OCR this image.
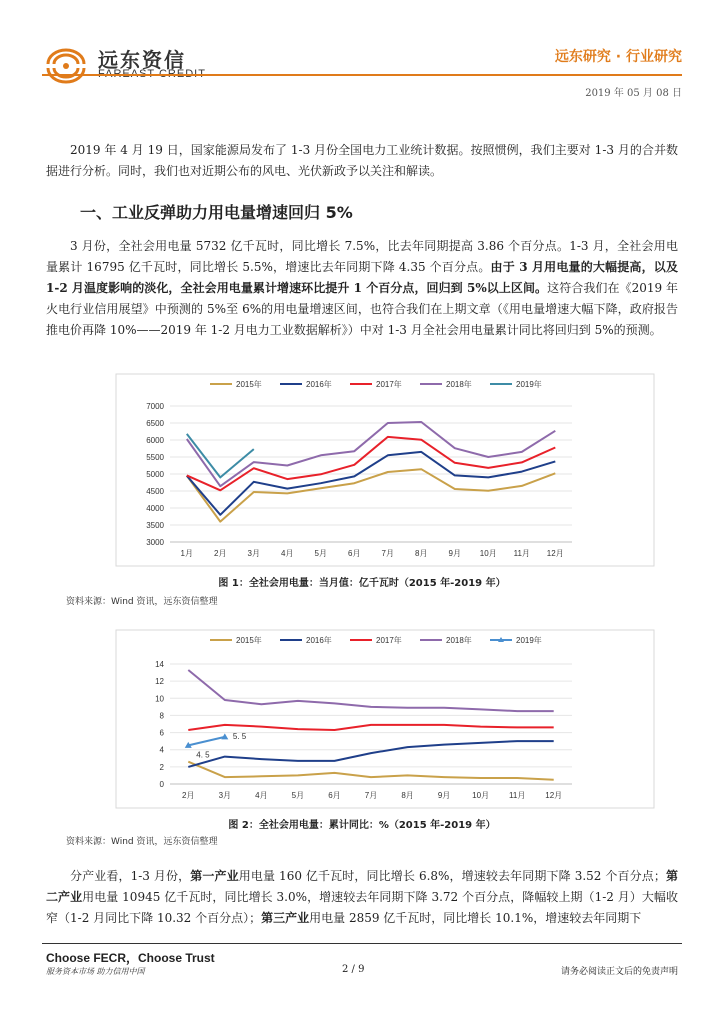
远东资信
FAREAST CREDIT
远东研究 · 行业研究
2019 年 05 月 08 日
2019 年 4 月 19 日，国家能源局发布了 1-3 月份全国电力工业统计数据。按照惯例，我们主要对 1-3 月的合并数据进行分析。同时，我们也对近期公布的风电、光伏新政予以关注和解读。
一、工业反弹助力用电量增速回归 5%
3 月份，全社会用电量 5732 亿千瓦时，同比增长 7.5%，比去年同期提高 3.86 个百分点。1-3 月，全社会用电量累计 16795 亿千瓦时，同比增长 5.5%，增速比去年同期下降 4.35 个百分点。由于 3 月用电量的大幅提高，以及 1-2 月温度影响的淡化，全社会用电量累计增速环比提升 1 个百分点，回归到 5%以上区间。这符合我们在《2019 年火电行业信用展望》中预测的 5%至 6%的用电量增速区间，也符合我们在上期文章（《用电量增速大幅下降，政府报告推电价再降 10%——2019 年 1-2 月电力工业数据解析》）中对 1-3 月全社会用电量累计同比将回归到 5%的预测。
3000
3500
4000
4500
5000
5500
6000
6500
7000
1月	2月	3月	4月	5月	6月	7月	8月	9月 10月 11月 12月
2015年	2016年	2017年	2018年	2019年
图 1：全社会用电量：当月值：亿千瓦时（2015 年-2019 年）
资料来源：Wind 资讯，远东资信整理
0
2
4
6
8
10
12
14
2月	3月	4月	5月	6月	7月	8月	9月	10月 11月 12月
2015年	2016年	2017年	2018年	2019年
4. 5
5. 5
图 2：全社会用电量：累计同比：%（2015 年-2019 年）
资料来源：Wind 资讯，远东资信整理
分产业看，1-3 月份，第一产业用电量 160 亿千瓦时，同比增长 6.8%，增速较去年同期下降 3.52 个百分点；第二产业用电量 10945 亿千瓦时，同比增长 3.0%，增速较去年同期下降 3.72 个百分点，降幅较上期（1-2 月）大幅收窄（1-2 月同比下降 10.32 个百分点）；第三产业用电量 2859 亿千瓦时，同比增长 10.1%，增速较去年同期下
Choose FECR，Choose Trust
服务资本市场 助力信用中国	2 / 9	请务必阅读正文后的免责声明
